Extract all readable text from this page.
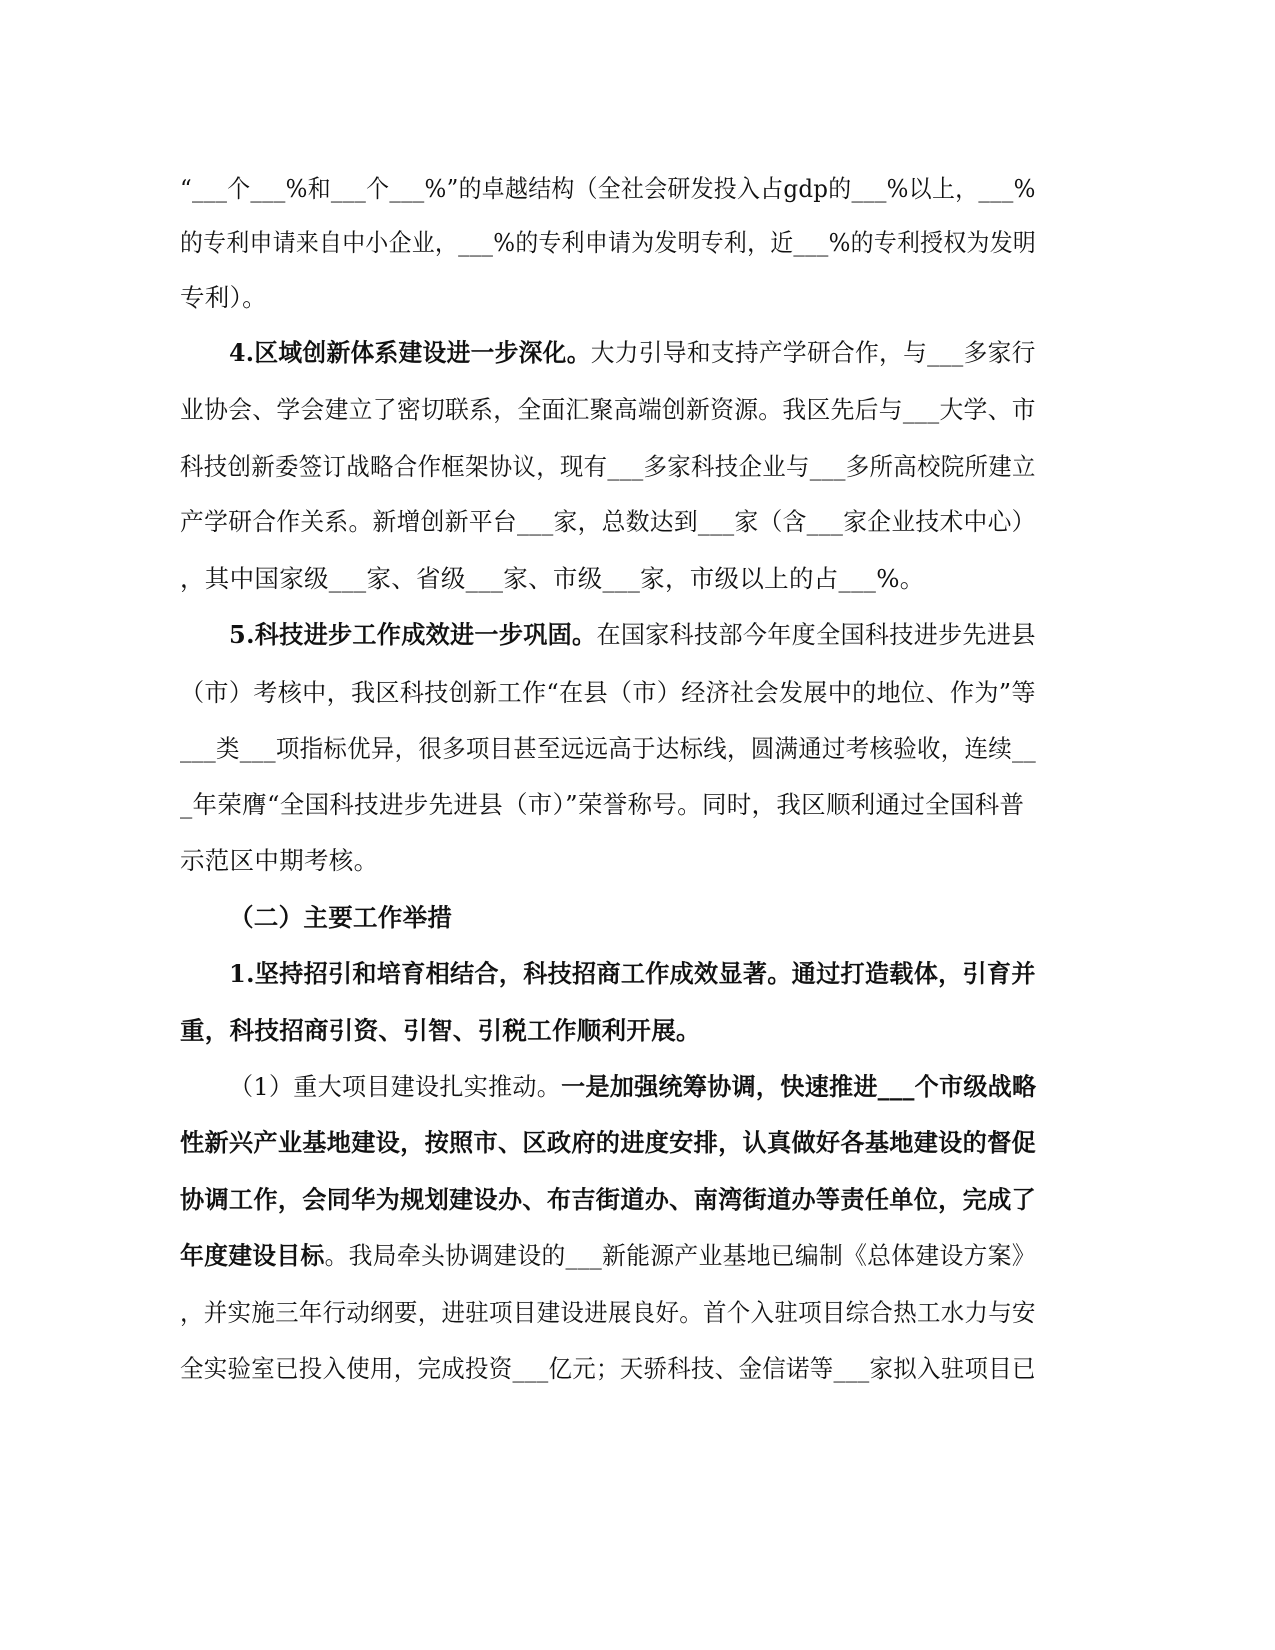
“___个___%和___个___%”的卓越结构（全社会研发投入占gdp的___%以上，___%
的专利申请来自中小企业，___%的专利申请为发明专利，近___%的专利授权为发明
专利）。
4.区域创新体系建设进一步深化。大力引导和支持产学研合作，与___多家行
业协会、学会建立了密切联系，全面汇聚高端创新资源。我区先后与___大学、市
科技创新委签订战略合作框架协议，现有___多家科技企业与___多所高校院所建立
产学研合作关系。新增创新平台___家，总数达到___家（含___家企业技术中心）
，其中国家级___家、省级___家、市级___家，市级以上的占___%。
5.科技进步工作成效进一步巩固。在国家科技部今年度全国科技进步先进县
（市）考核中，我区科技创新工作“在县（市）经济社会发展中的地位、作为”等
___类___项指标优异，很多项目甚至远远高于达标线，圆满通过考核验收，连续__
_年荣膺“全国科技进步先进县（市）”荣誉称号。同时，我区顺利通过全国科普
示范区中期考核。
（二）主要工作举措
1.坚持招引和培育相结合，科技招商工作成效显著。通过打造载体，引育并
重，科技招商引资、引智、引税工作顺利开展。
（1）重大项目建设扎实推动。一是加强统筹协调，快速推进___个市级战略
性新兴产业基地建设，按照市、区政府的进度安排，认真做好各基地建设的督促
协调工作，会同华为规划建设办、布吉街道办、南湾街道办等责任单位，完成了
年度建设目标。我局牵头协调建设的___新能源产业基地已编制《总体建设方案》
，并实施三年行动纲要，进驻项目建设进展良好。首个入驻项目综合热工水力与安
全实验室已投入使用，完成投资___亿元；天骄科技、金信诺等___家拟入驻项目已
